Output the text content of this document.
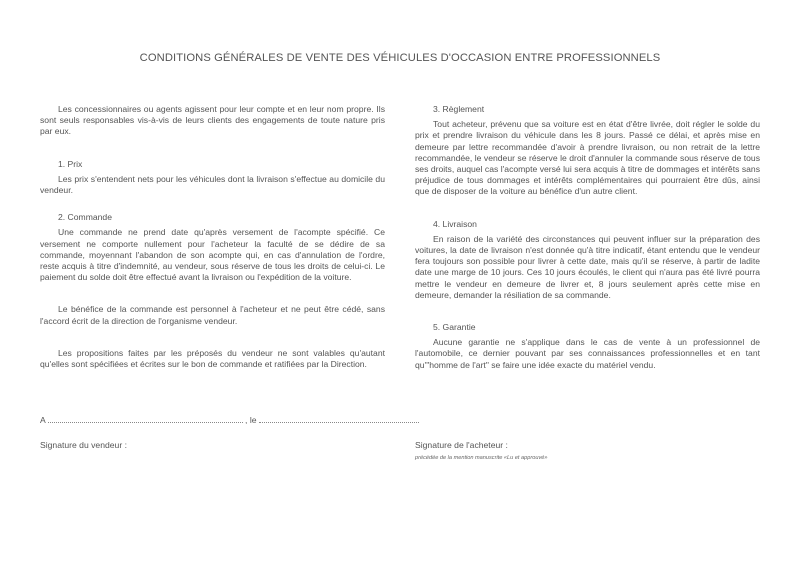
CONDITIONS GÉNÉRALES DE VENTE DES VÉHICULES D'OCCASION ENTRE PROFESSIONNELS

Les concessionnaires ou agents agissent pour leur compte et en leur nom propre. Ils sont seuls responsables vis-à-vis de leurs clients des engagements de toute nature pris par eux.

1. Prix

Les prix s'entendent nets pour les véhicules dont la livraison s'effectue au domicile du vendeur.

2. Commande

Une commande ne prend date qu'après versement de l'acompte spécifié. Ce versement ne comporte nullement pour l'acheteur la faculté de se dédire de sa commande, moyennant l'abandon de son acompte qui, en cas d'annulation de l'ordre, reste acquis à titre d'indemnité, au vendeur, sous réserve de tous les droits de celui-ci. Le paiement du solde doit être effectué avant la livraison ou l'expédition de la voiture.

Le bénéfice de la commande est personnel à l'acheteur et ne peut être cédé, sans l'accord écrit de la direction de l'organisme vendeur.

Les propositions faites par les préposés du vendeur ne sont valables qu'autant qu'elles sont spécifiées et écrites sur le bon de commande et ratifiées par la Direction.

3. Règlement

Tout acheteur, prévenu que sa voiture est en état d'être livrée, doit régler le solde du prix et prendre livraison du véhicule dans les 8 jours. Passé ce délai, et après mise en demeure par lettre recommandée d'avoir à prendre livraison, ou non retrait de la lettre recommandée, le vendeur se réserve le droit d'annuler la commande sous réserve de tous ses droits, auquel cas l'acompte versé lui sera acquis à titre de dommages et intérêts sans préjudice de tous dommages et intérêts complémentaires qui pourraient être dûs, ainsi que de disposer de la voiture au bénéfice d'un autre client.

4. Livraison

En raison de la variété des circonstances qui peuvent influer sur la préparation des voitures, la date de livraison n'est donnée qu'à titre indicatif, étant entendu que le vendeur fera toujours son possible pour livrer à cette date, mais qu'il se réserve, à partir de ladite date une marge de 10 jours. Ces 10 jours écoulés, le client qui n'aura pas été livré pourra mettre le vendeur en demeure de livrer et, 8 jours seulement après cette mise en demeure, demander la résiliation de sa commande.

5. Garantie

Aucune garantie ne s'applique dans le cas de vente à un professionnel de l'automobile, ce dernier pouvant par ses connaissances professionnelles et en tant qu'"homme de l'art" se faire une idée exacte du matériel vendu.

A	, le
Signature du vendeur :	Signature de l'acheteur :
précédée de la mention manuscrite «Lu et approuvé»
